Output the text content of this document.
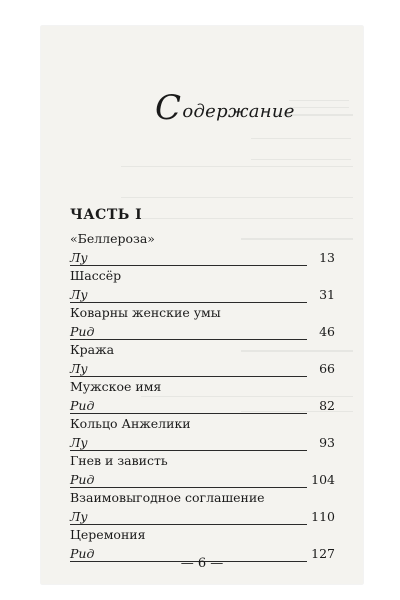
Содержание
ЧАСТЬ I
«Беллероза»
Лу	13
Шассёр
Лу	31
Коварны женские умы
Рид	46
Кража
Лу	66
Мужское имя
Рид	82
Кольцо Анжелики
Лу	93
Гнев и зависть
Рид	104
Взаимовыгодное соглашение
Лу	110
Церемония
Рид	127
— 6 —
